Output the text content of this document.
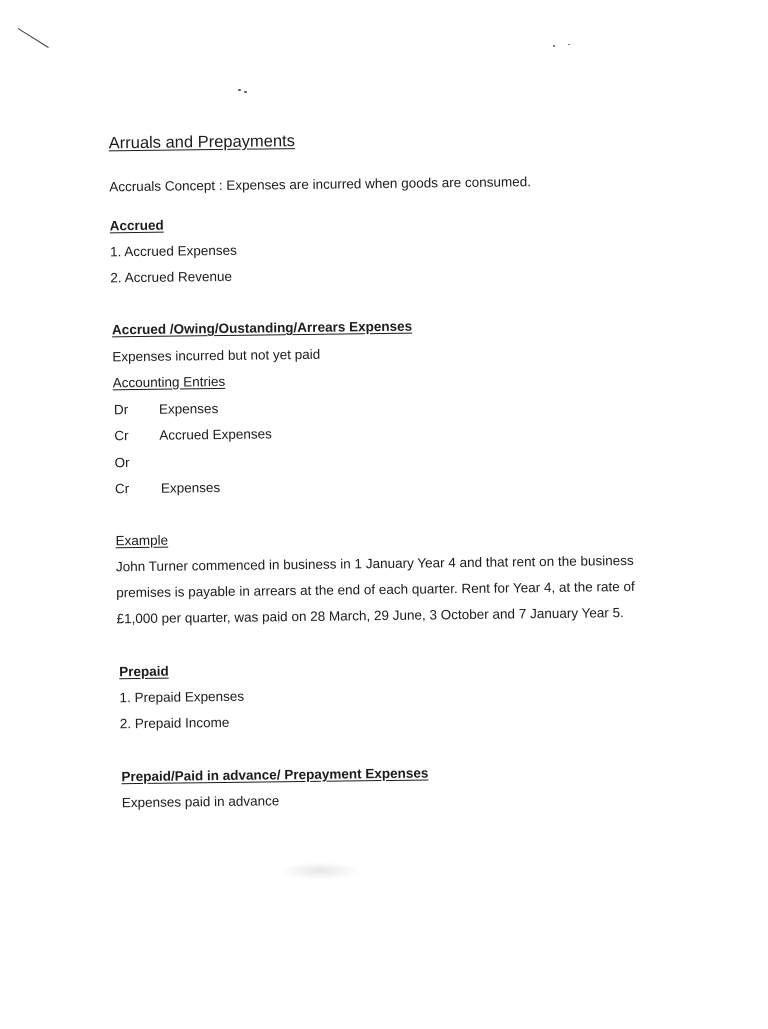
Arruals and Prepayments

Accruals Concept : Expenses are incurred when goods are consumed.

Accrued

1. Accrued Expenses

2. Accrued Revenue

Accrued /Owing/Oustanding/Arrears Expenses

Expenses incurred but not yet paid

Accounting Entries

Dr Expenses

Cr Accrued Expenses

Or

Cr Expenses

Example

John Turner commenced in business in 1 January Year 4 and that rent on the business

premises is payable in arrears at the end of each quarter. Rent for Year 4, at the rate of

£1,000 per quarter, was paid on 28 March, 29 June, 3 October and 7 January Year 5.

Prepaid

1. Prepaid Expenses

2. Prepaid Income

Prepaid/Paid in advance/ Prepayment Expenses

Expenses paid in advance
